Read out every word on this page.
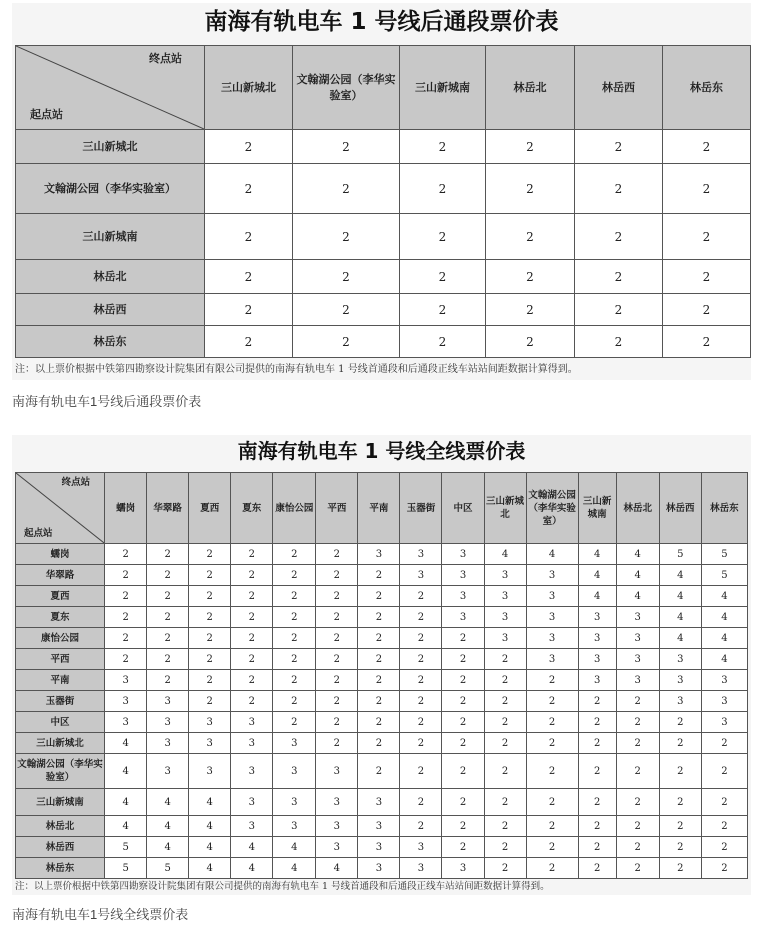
南海有轨电车 1 号线后通段票价表
终点站
起点站	三山新城北	文翰湖公园（李华实验室）	三山新城南	林岳北	林岳西	林岳东
三山新城北	2	2	2	2	2	2
文翰湖公园（李华实验室）	2	2	2	2	2	2
三山新城南	2	2	2	2	2	2
林岳北	2	2	2	2	2	2
林岳西	2	2	2	2	2	2
林岳东	2	2	2	2	2	2
注：以上票价根据中铁第四勘察设计院集团有限公司提供的南海有轨电车 1 号线首通段和后通段正线车站站间距数据计算得到。
南海有轨电车1号线后通段票价表
南海有轨电车 1 号线全线票价表
终点站
起点站	蠕岗	华翠路	夏西	夏东	康怡公园	平西	平南	玉器街	中区	三山新城北	文翰湖公园（李华实验室）	三山新城南	林岳北	林岳西	林岳东
蠕岗	2	2	2	2	2	2	3	3	3	4	4	4	4	5	5
华翠路	2	2	2	2	2	2	2	3	3	3	3	4	4	4	5
夏西	2	2	2	2	2	2	2	2	3	3	3	4	4	4	4
夏东	2	2	2	2	2	2	2	2	3	3	3	3	3	4	4
康怡公园	2	2	2	2	2	2	2	2	2	3	3	3	3	4	4
平西	2	2	2	2	2	2	2	2	2	2	3	3	3	3	4
平南	3	2	2	2	2	2	2	2	2	2	2	3	3	3	3
玉器街	3	3	2	2	2	2	2	2	2	2	2	2	2	3	3
中区	3	3	3	3	2	2	2	2	2	2	2	2	2	2	3
三山新城北	4	3	3	3	3	2	2	2	2	2	2	2	2	2	2
文翰湖公园（李华实验室）	4	3	3	3	3	3	2	2	2	2	2	2	2	2	2
三山新城南	4	4	4	3	3	3	3	2	2	2	2	2	2	2	2
林岳北	4	4	4	3	3	3	3	2	2	2	2	2	2	2	2
林岳西	5	4	4	4	4	3	3	3	2	2	2	2	2	2	2
林岳东	5	5	4	4	4	4	3	3	3	2	2	2	2	2	2
注：以上票价根据中铁第四勘察设计院集团有限公司提供的南海有轨电车 1 号线首通段和后通段正线车站站间距数据计算得到。
南海有轨电车1号线全线票价表
